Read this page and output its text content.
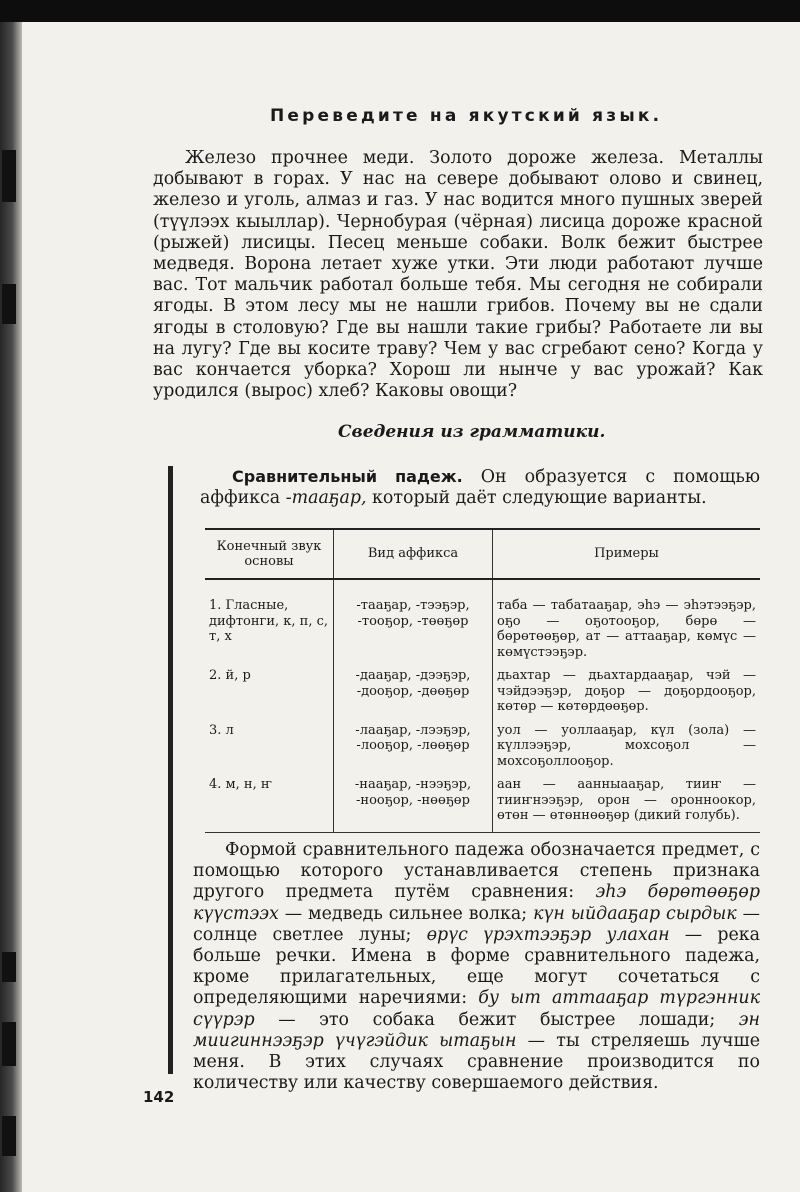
Переведите на якутский язык.

Железо прочнее меди. Золото дороже железа. Металлы добывают в горах. У нас на севере добывают олово и свинец, железо и уголь, алмаз и газ. У нас водится много пушных зверей (түүлээх кыыллар). Чернобурая (чёрная) лисица дороже красной (рыжей) лисицы. Песец меньше собаки. Волк бежит быстрее медведя. Ворона летает хуже утки. Эти люди работают лучше вас. Тот мальчик работал больше тебя. Мы сегодня не собирали ягоды. В этом лесу мы не нашли грибов. Почему вы не сдали ягоды в столовую? Где вы нашли такие грибы? Работаете ли вы на лугу? Где вы косите траву? Чем у вас сгребают сено? Когда у вас кончается уборка? Хорош ли нынче у вас урожай? Как уродился (вырос) хлеб? Каковы овощи?

Сведения из грамматики.

Сравнительный падеж. Он образуется с помощью аффикса -тааҕар, который даёт следующие варианты.

Конечный звук основы	Вид аффикса	Примеры
1. Гласные, дифтонги, к, п, с, т, х	-тааҕар, -тээҕэр, -тооҕор, -төөҕөр	таба — табатааҕар, эһэ — эһэтээҕэр, оҕо — оҕотооҕор, бөрө — бөрөтөөҕөр, ат — аттааҕар, көмүс — көмүстээҕэр.
2. й, р	-дааҕар, -дээҕэр, -дооҕор, -дөөҕөр	дьахтар — дьахтардааҕар, чэй — чэйдээҕэр, доҕор — доҕордооҕор, көтөр — көтөрдөөҕөр.
3. л	-лааҕар, -лээҕэр, -лооҕор, -лөөҕөр	уол — уоллааҕар, күл (зола) — күллээҕэр, мохсоҕол — мохсоҕоллооҕор.
4. м, н, ҥ	-нааҕар, -нээҕэр, -нооҕор, -нөөҕөр	аан — аанныааҕар, тииҥ — тииҥнээҕэр, орон — оронноокор, өтөн — өтөннөөҕөр (дикий голубь).

Формой сравнительного падежа обозначается предмет, с помощью которого устанавливается степень признака другого предмета путём сравнения: эһэ бөрөтөөҕөр күүстээх — медведь сильнее волка; күн ыйдааҕар сырдык — солнце светлее луны; өрүс үрэхтээҕэр улахан — река больше речки. Имена в форме сравнительного падежа, кроме прилагательных, еще могут сочетаться с определяющими наречиями: бу ыт аттааҕар түргэнник сүүрэр — это собака бежит быстрее лошади; эн миигиннээҕэр үчүгэйдик ытаҕын — ты стреляешь лучше меня. В этих случаях сравнение производится по количеству или качеству совершаемого действия.

142
